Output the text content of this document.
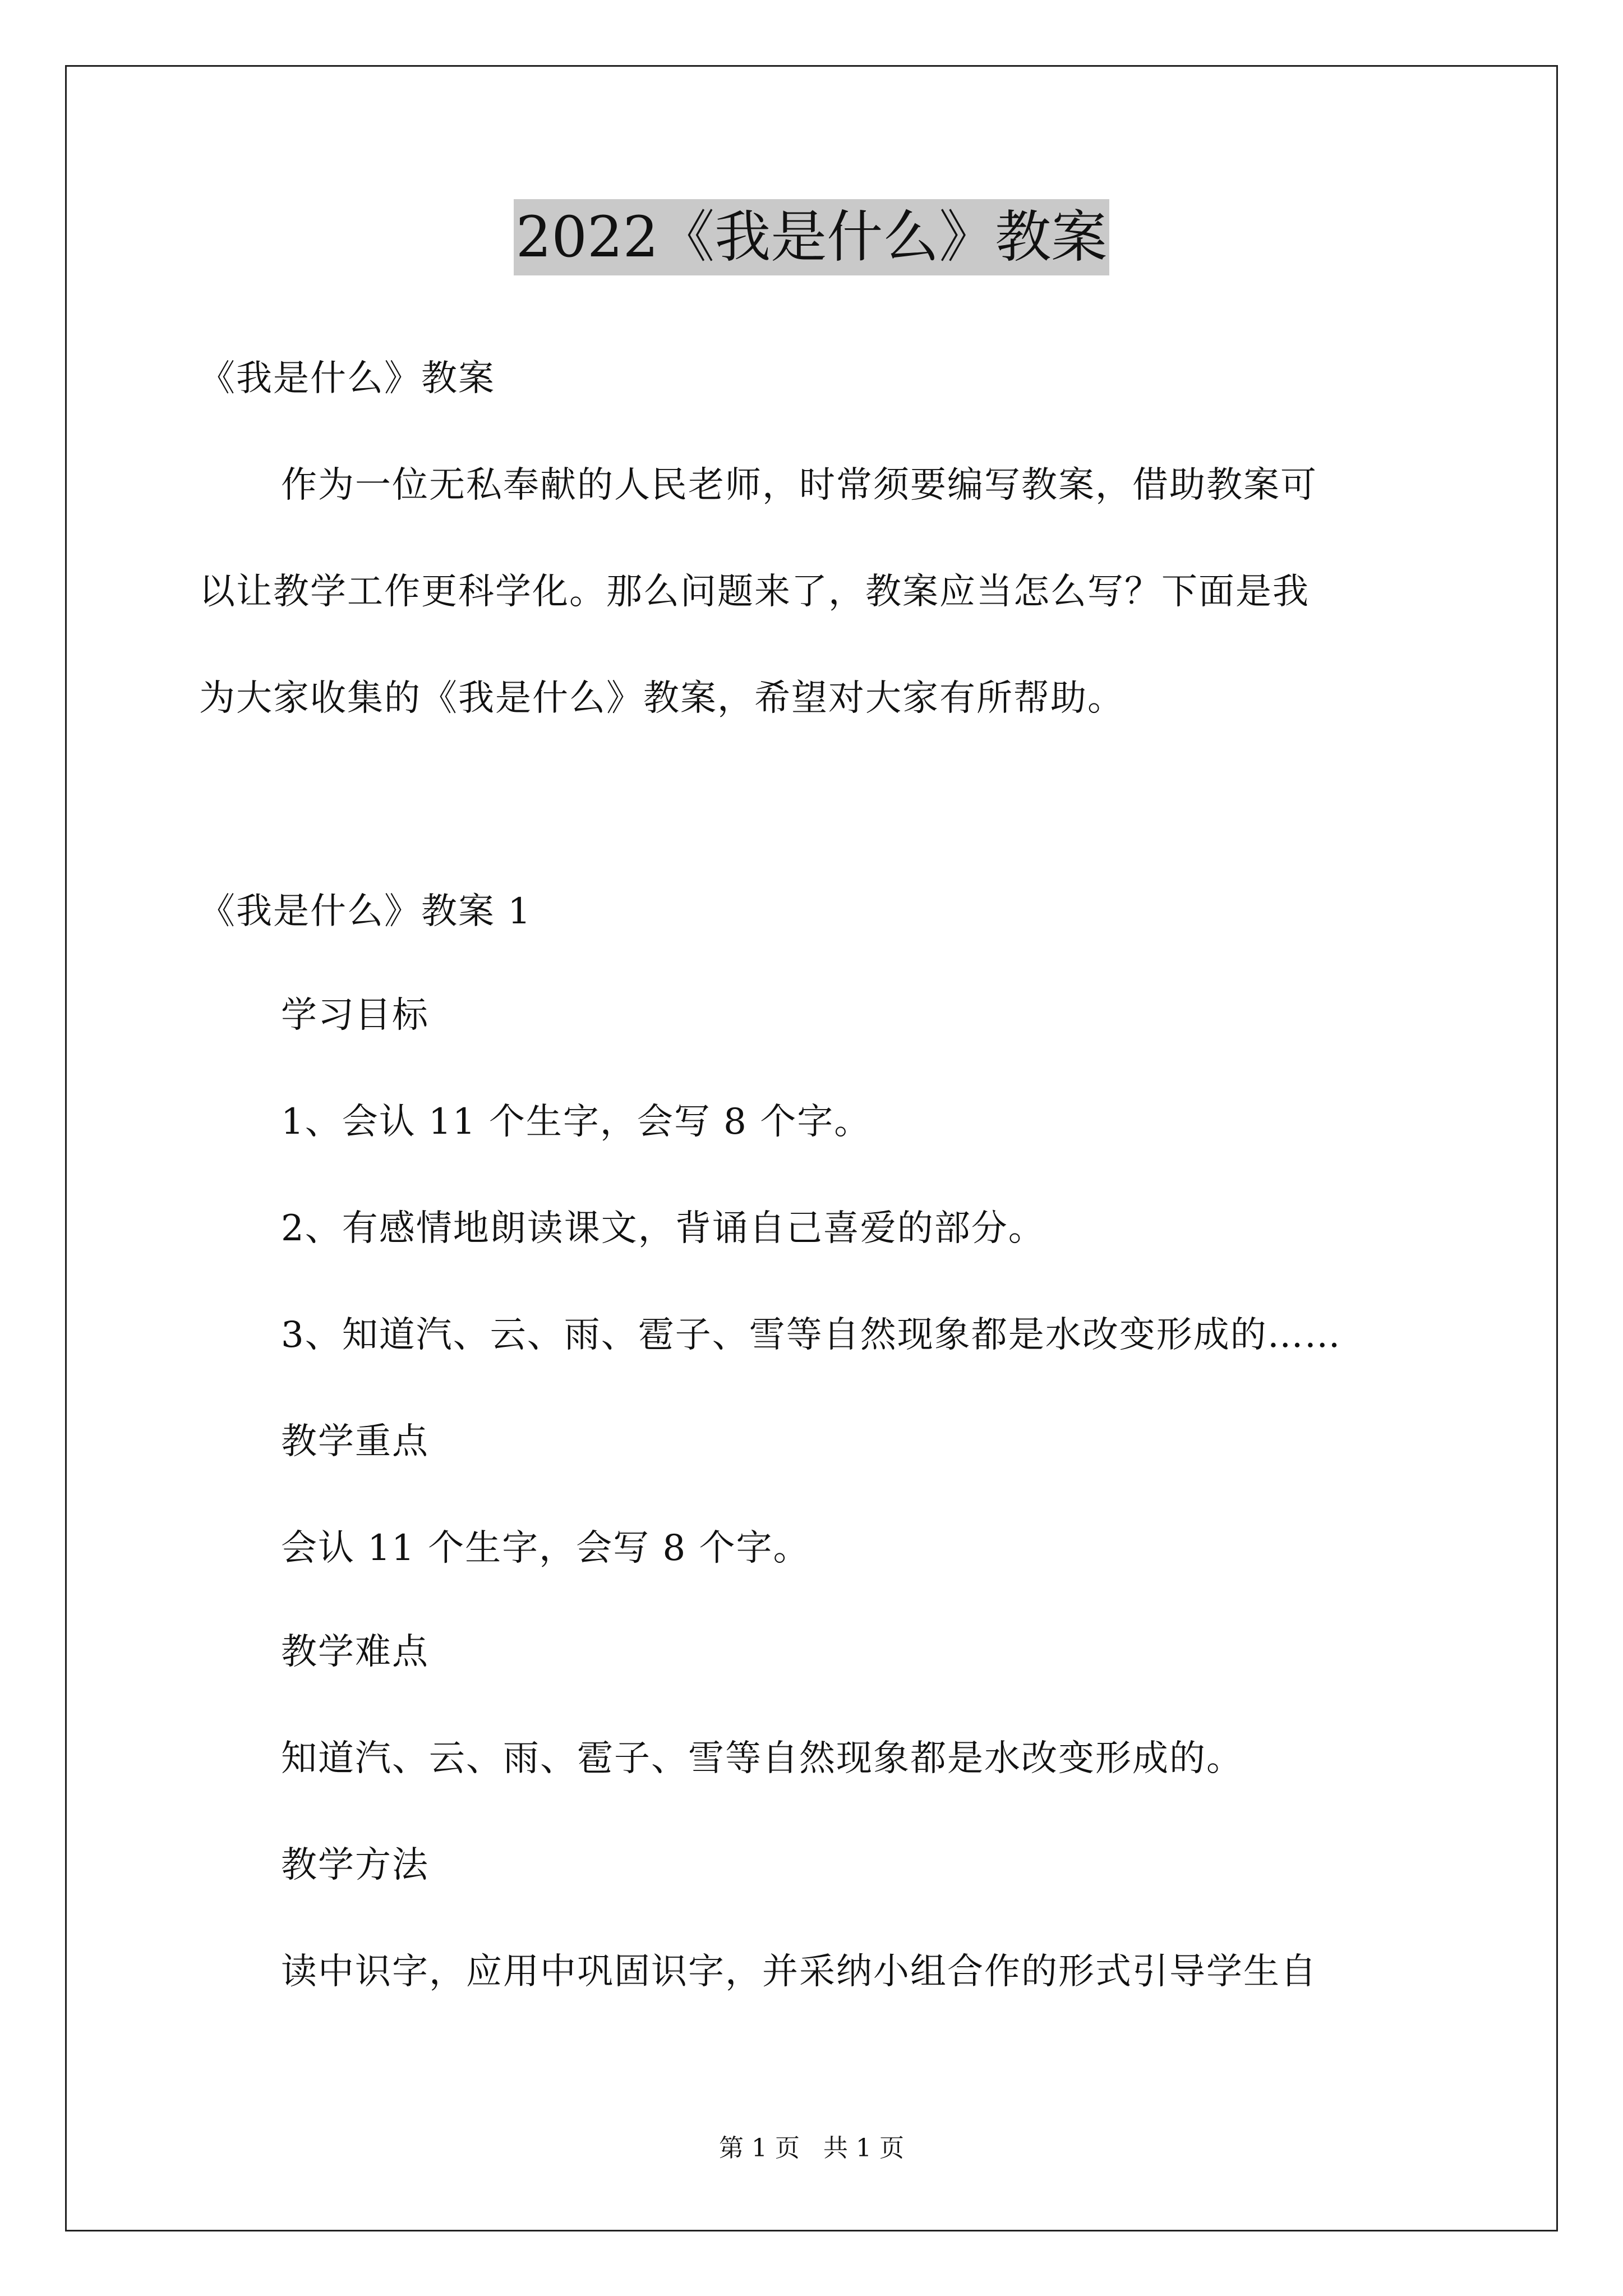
2022《我是什么》教案
《我是什么》教案
作为一位无私奉献的人民老师，时常须要编写教案，借助教案可
以让教学工作更科学化。那么问题来了，教案应当怎么写？下面是我
为大家收集的《我是什么》教案，希望对大家有所帮助。
《我是什么》教案 1
学习目标
1、会认 11 个生字，会写 8 个字。
2、有感情地朗读课文，背诵自己喜爱的部分。
3、知道汽、云、雨、雹子、雪等自然现象都是水改变形成的……
教学重点
会认 11 个生字，会写 8 个字。
教学难点
知道汽、云、雨、雹子、雪等自然现象都是水改变形成的。
教学方法
读中识字，应用中巩固识字，并采纳小组合作的形式引导学生自
第 1 页 共 1 页
